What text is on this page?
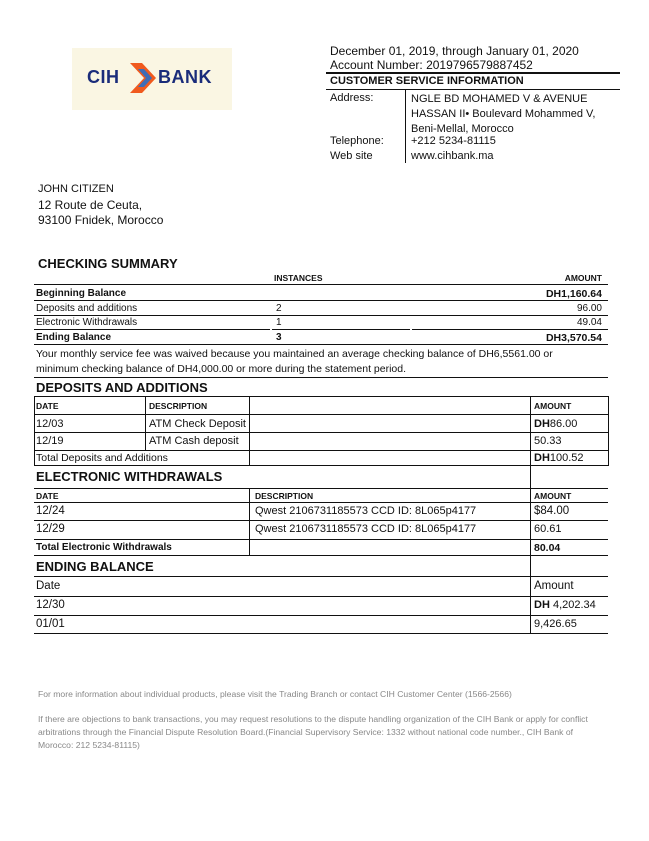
CIH BANK
December 01, 2019, through January 01, 2020
Account Number: 2019796579887452
CUSTOMER SERVICE INFORMATION
Address:	NGLE BD MOHAMED V & AVENUE
HASSAN II• Boulevard Mohammed V,
Beni-Mellal, Morocco
Telephone: +212 5234-81115
Web site	www.cihbank.ma
JOHN CITIZEN
12 Route de Ceuta,
93100 Fnidek, Morocco
CHECKING SUMMARY
INSTANCES	AMOUNT
Beginning Balance	DH1,160.64
Deposits and additions	2	96.00
Electronic Withdrawals	1	49.04
Ending Balance	3	DH3,570.54
Your monthly service fee was waived because you maintained an average checking balance of DH6,5561.00 or
minimum checking balance of DH4,000.00 or more during the statement period.
DEPOSITS AND ADDITIONS
DATE	DESCRIPTION	AMOUNT
12/03	ATM Check Deposit	DH86.00
12/19	ATM Cash deposit	50.33
Total Deposits and Additions	DH100.52
ELECTRONIC WITHDRAWALS
DATE	DESCRIPTION	AMOUNT
12/24	Qwest 2106731185573 CCD ID: 8L065p4177	$84.00
12/29	Qwest 2106731185573 CCD ID: 8L065p4177	60.61
Total Electronic Withdrawals	80.04
ENDING BALANCE
Date	Amount
12/30	DH 4,202.34
01/01	9,426.65
For more information about individual products, please visit the Trading Branch or contact CIH Customer Center (1566-2566)
If there are objections to bank transactions, you may request resolutions to the dispute handling organization of the CIH Bank or apply for conflict
arbitrations through the Financial Dispute Resolution Board.(Financial Supervisory Service: 1332 without national code number., CIH Bank of
Morocco: 212 5234-81115)
